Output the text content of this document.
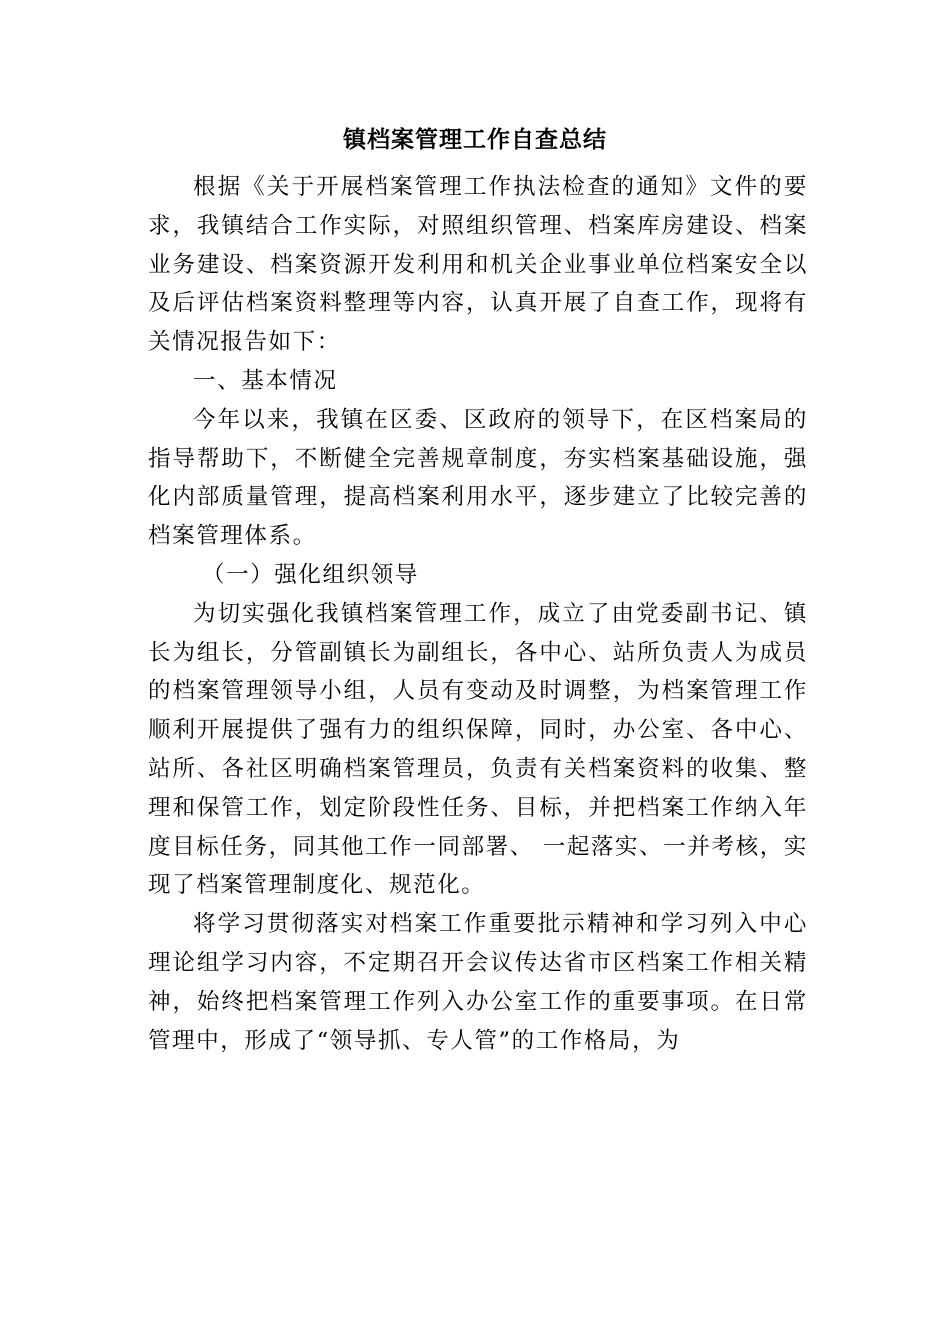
镇档案管理工作自查总结

根据《关于开展档案管理工作执法检查的通知》文件的要求，我镇结合工作实际，对照组织管理、档案库房建设、档案业务建设、档案资源开发利用和机关企业事业单位档案安全以及后评估档案资料整理等内容，认真开展了自查工作，现将有关情况报告如下：

一、基本情况

今年以来，我镇在区委、区政府的领导下，在区档案局的指导帮助下，不断健全完善规章制度，夯实档案基础设施，强化内部质量管理，提高档案利用水平，逐步建立了比较完善的档案管理体系。

（一）强化组织领导

为切实强化我镇档案管理工作，成立了由党委副书记、镇长为组长，分管副镇长为副组长，各中心、站所负责人为成员的档案管理领导小组，人员有变动及时调整，为档案管理工作顺利开展提供了强有力的组织保障，同时，办公室、各中心、站所、各社区明确档案管理员，负责有关档案资料的收集、整理和保管工作，划定阶段性任务、目标，并把档案工作纳入年度目标任务，同其他工作一同部署、 一起落实、一并考核，实现了档案管理制度化、规范化。

将学习贯彻落实对档案工作重要批示精神和学习列入中心理论组学习内容，不定期召开会议传达省市区档案工作相关精神，始终把档案管理工作列入办公室工作的重要事项。在日常管理中，形成了“领导抓、专人管”的工作格局，为
